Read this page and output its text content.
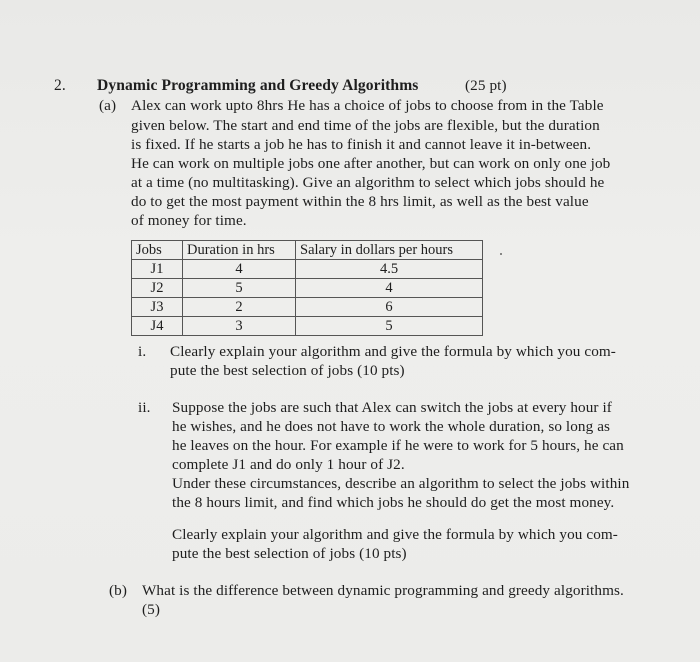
2. Dynamic Programming and Greedy Algorithms	(25 pt)
(a) Alex can work upto 8hrs He has a choice of jobs to choose from in the Table
given below. The start and end time of the jobs are flexible, but the duration
is fixed. If he starts a job he has to finish it and cannot leave it in-between.
He can work on multiple jobs one after another, but can work on only one job
at a time (no multitasking). Give an algorithm to select which jobs should he
do to get the most payment within the 8 hrs limit, as well as the best value
of money for time.
Jobs	Duration in hrs	Salary in dollars per hours
J1	4	4.5
J2	5	4
J3	2	6
J4	3	5
i. Clearly explain your algorithm and give the formula by which you com-
pute the best selection of jobs (10 pts)
ii. Suppose the jobs are such that Alex can switch the jobs at every hour if
he wishes, and he does not have to work the whole duration, so long as
he leaves on the hour. For example if he were to work for 5 hours, he can
complete J1 and do only 1 hour of J2.
Under these circumstances, describe an algorithm to select the jobs within
the 8 hours limit, and find which jobs he should do get the most money.
Clearly explain your algorithm and give the formula by which you com-
pute the best selection of jobs (10 pts)
(b) What is the difference between dynamic programming and greedy algorithms.
(5)
